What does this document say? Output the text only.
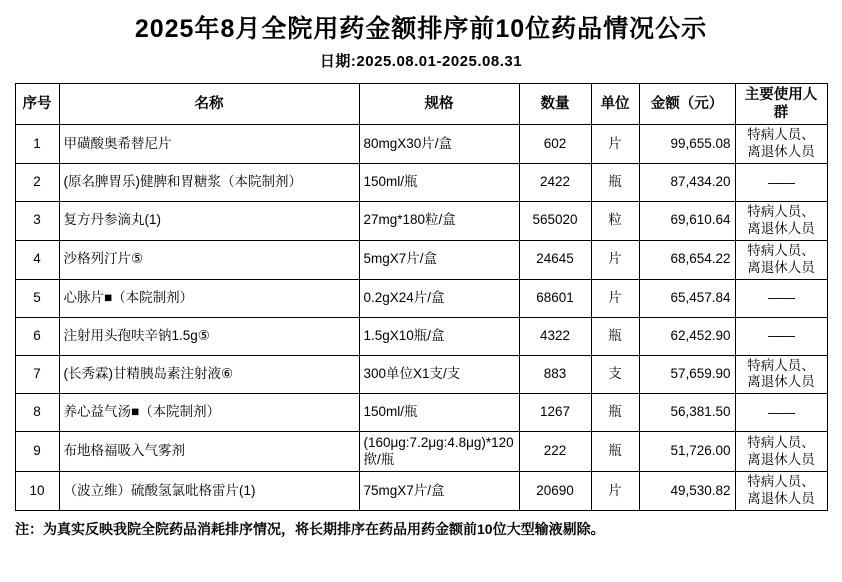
2025年8月全院用药金额排序前10位药品情况公示
日期:2025.08.01-2025.08.31
序号	名称	规格	数量	单位	金额（元）	主要使用人群
1	甲磺酸奥希替尼片	80mgX30片/盒	602	片	99,655.08	特病人员、
离退休人员

2	(原名脾胃乐)健脾和胃糖浆（本院制剂）	150ml/瓶	2422	瓶	87,434.20	——

3	复方丹参滴丸(1)	27mg*180粒/盒	565020	粒	69,610.64	特病人员、
离退休人员

4	沙格列汀片⑤	5mgX7片/盒	24645	片	68,654.22	特病人员、
离退休人员

5	心脉片■（本院制剂）	0.2gX24片/盒	68601	片	65,457.84	——

6	注射用头孢呋辛钠1.5g⑤	1.5gX10瓶/盒	4322	瓶	62,452.90	——

7	(长秀霖)甘精胰岛素注射液⑥	300单位X1支/支	883	支	57,659.90	特病人员、
离退休人员

8	养心益气汤■（本院制剂）	150ml/瓶	1267	瓶	56,381.50	——

9	布地格福吸入气雾剂	(160μg:7.2μg:4.8μg)*120揿/瓶	222	瓶	51,726.00	特病人员、
离退休人员

10	（波立维）硫酸氢氯吡格雷片(1)	75mgX7片/盒	20690	片	49,530.82	特病人员、
离退休人员
注：为真实反映我院全院药品消耗排序情况，将长期排序在药品用药金额前10位大型输液剔除。
